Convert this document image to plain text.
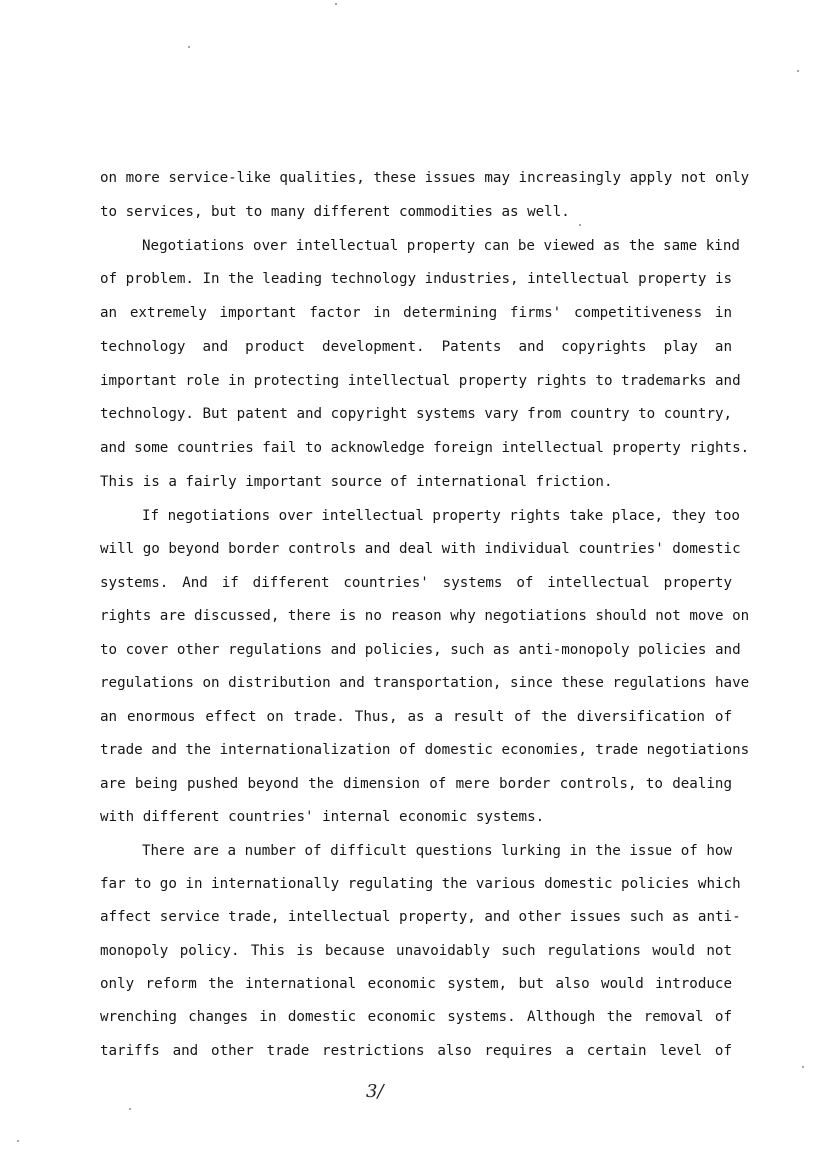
on more service-like qualities, these issues may increasingly apply not only
to services, but to many different commodities as well.
Negotiations over intellectual property can be viewed as the same kind
of problem. In the leading technology industries, intellectual property is
an extremely important factor in determining firms' competitiveness in
technology and product development. Patents and copyrights play an
important role in protecting intellectual property rights to trademarks and
technology. But patent and copyright systems vary from country to country,
and some countries fail to acknowledge foreign intellectual property rights.
This is a fairly important source of international friction.
If negotiations over intellectual property rights take place, they too
will go beyond border controls and deal with individual countries' domestic
systems. And if different countries' systems of intellectual property
rights are discussed, there is no reason why negotiations should not move on
to cover other regulations and policies, such as anti-monopoly policies and
regulations on distribution and transportation, since these regulations have
an enormous effect on trade. Thus, as a result of the diversification of
trade and the internationalization of domestic economies, trade negotiations
are being pushed beyond the dimension of mere border controls, to dealing
with different countries' internal economic systems.
There are a number of difficult questions lurking in the issue of how
far to go in internationally regulating the various domestic policies which
affect service trade, intellectual property, and other issues such as anti-
monopoly policy. This is because unavoidably such regulations would not
only reform the international economic system, but also would introduce
wrenching changes in domestic economic systems. Although the removal of
tariffs and other trade restrictions also requires a certain level of
3/
